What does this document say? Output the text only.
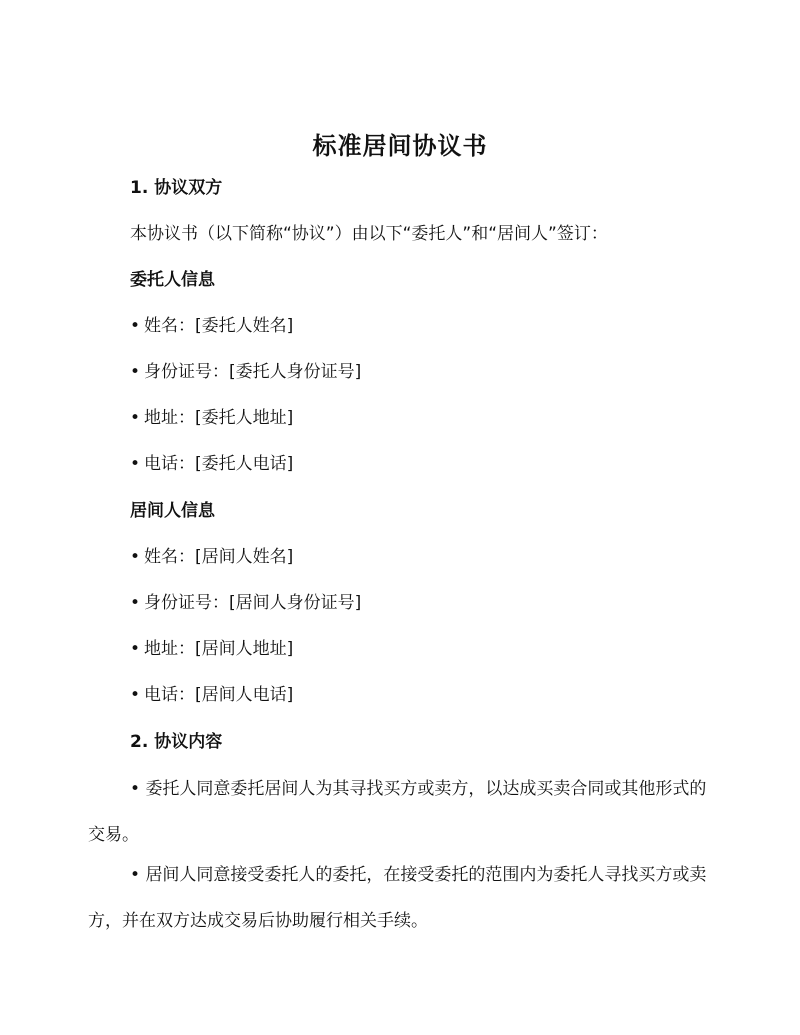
标准居间协议书
1. 协议双方
本协议书（以下简称“协议”）由以下“委托人”和“居间人”签订：
委托人信息
• 姓名：[委托人姓名]
• 身份证号：[委托人身份证号]
• 地址：[委托人地址]
• 电话：[委托人电话]
居间人信息
• 姓名：[居间人姓名]
• 身份证号：[居间人身份证号]
• 地址：[居间人地址]
• 电话：[居间人电话]
2. 协议内容
• 委托人同意委托居间人为其寻找买方或卖方，以达成买卖合同或其他形式的交易。
• 居间人同意接受委托人的委托，在接受委托的范围内为委托人寻找买方或卖方，并在双方达成交易后协助履行相关手续。
